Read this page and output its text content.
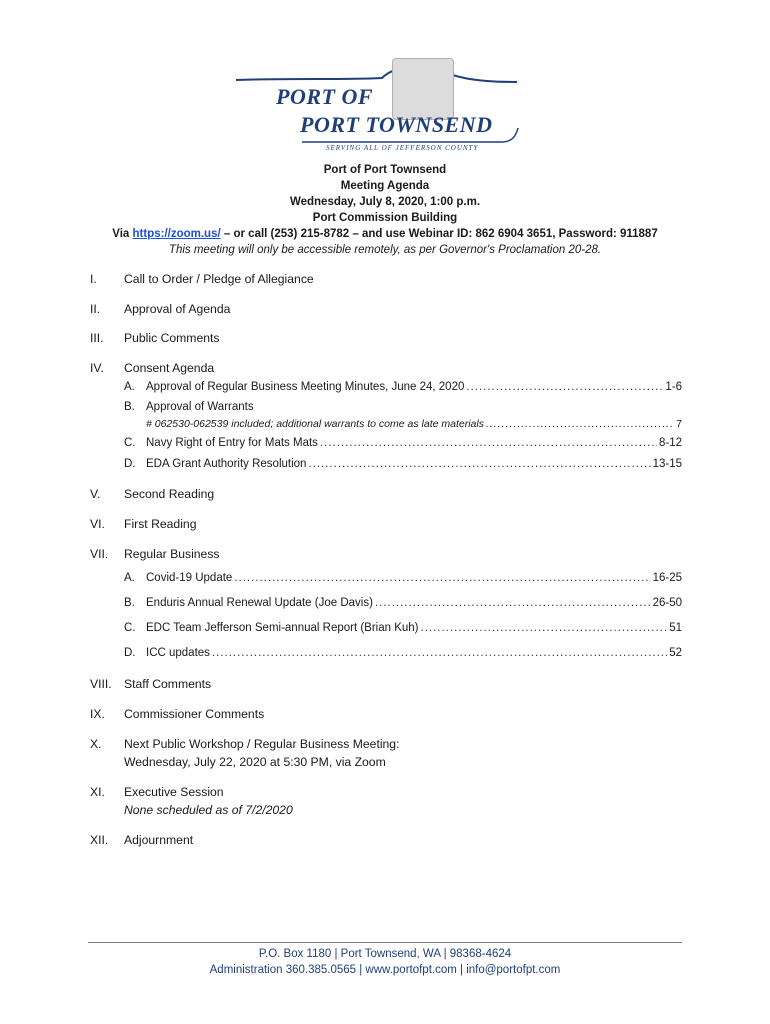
PORT OF
PORT TOWNSEND
SERVING ALL OF JEFFERSON COUNTY
Port of Port Townsend
Meeting Agenda
Wednesday, July 8, 2020, 1:00 p.m.
Port Commission Building
Via https://zoom.us/ – or call (253) 215-8782 – and use Webinar ID: 862 6904 3651, Password: 911887
This meeting will only be accessible remotely, as per Governor's Proclamation 20-28.
I.	Call to Order / Pledge of Allegiance
II.	Approval of Agenda
III.	Public Comments
IV.	Consent Agenda
A. Approval of Regular Business Meeting Minutes, June 24, 2020 .....	1-6
B. Approval of Warrants
# 062530-062539 included; additional warrants to come as late materials .....	7
C. Navy Right of Entry for Mats Mats .....	8-12
D. EDA Grant Authority Resolution .....	13-15
V.	Second Reading
VI.	First Reading
VII.	Regular Business
A. Covid-19 Update .....	16-25
B. Enduris Annual Renewal Update (Joe Davis) .....	26-50
C. EDC Team Jefferson Semi-annual Report (Brian Kuh) .....	51
D. ICC updates .....	52
VIII.	Staff Comments
IX.	Commissioner Comments
X.	Next Public Workshop / Regular Business Meeting:
Wednesday, July 22, 2020 at 5:30 PM, via Zoom
XI.	Executive Session
None scheduled as of 7/2/2020
XII.	Adjournment
P.O. Box 1180 | Port Townsend, WA | 98368-4624
Administration 360.385.0565 | www.portofpt.com | info@portofpt.com
